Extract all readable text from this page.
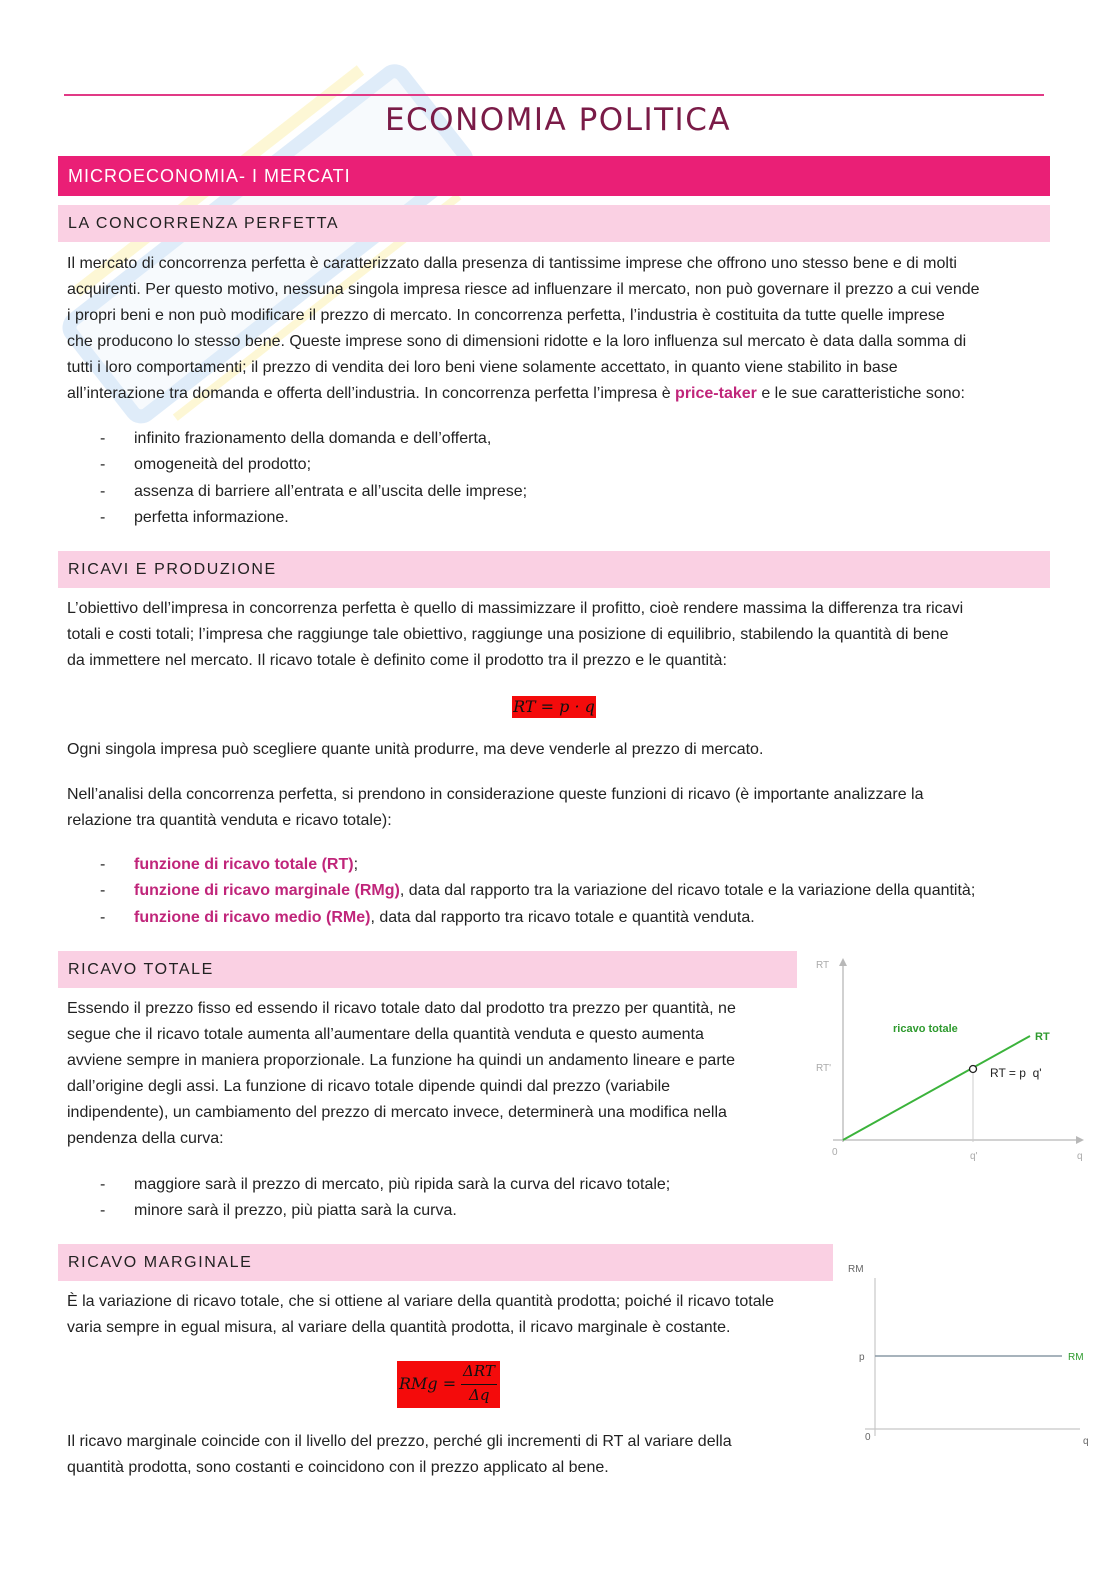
ECONOMIA POLITICA
MICROECONOMIA- I MERCATI
LA CONCORRENZA PERFETTA
Il mercato di concorrenza perfetta è caratterizzato dalla presenza di tantissime imprese che offrono uno stesso bene e di molti
acquirenti. Per questo motivo, nessuna singola impresa riesce ad influenzare il mercato, non può governare il prezzo a cui vende
i propri beni e non può modificare il prezzo di mercato. In concorrenza perfetta, l’industria è costituita da tutte quelle imprese
che producono lo stesso bene. Queste imprese sono di dimensioni ridotte e la loro influenza sul mercato è data dalla somma di
tutti i loro comportamenti; il prezzo di vendita dei loro beni viene solamente accettato, in quanto viene stabilito in base
all’interazione tra domanda e offerta dell’industria. In concorrenza perfetta l’impresa è price-taker e le sue caratteristiche sono:
- infinito frazionamento della domanda e dell’offerta,
- omogeneità del prodotto;
- assenza di barriere all’entrata e all’uscita delle imprese;
- perfetta informazione.
RICAVI E PRODUZIONE
L’obiettivo dell’impresa in concorrenza perfetta è quello di massimizzare il profitto, cioè rendere massima la differenza tra ricavi
totali e costi totali; l’impresa che raggiunge tale obiettivo, raggiunge una posizione di equilibrio, stabilendo la quantità di bene
da immettere nel mercato. Il ricavo totale è definito come il prodotto tra il prezzo e le quantità:
RT = p · q
Ogni singola impresa può scegliere quante unità produrre, ma deve venderle al prezzo di mercato.
Nell’analisi della concorrenza perfetta, si prendono in considerazione queste funzioni di ricavo (è importante analizzare la
relazione tra quantità venduta e ricavo totale):
- funzione di ricavo totale (RT);
- funzione di ricavo marginale (RMg), data dal rapporto tra la variazione del ricavo totale e la variazione della quantità;
- funzione di ricavo medio (RMe), data dal rapporto tra ricavo totale e quantità venduta.
RICAVO TOTALE
Essendo il prezzo fisso ed essendo il ricavo totale dato dal prodotto tra prezzo per quantità, ne
segue che il ricavo totale aumenta all’aumentare della quantità venduta e questo aumenta
avviene sempre in maniera proporzionale. La funzione ha quindi un andamento lineare e parte
dall’origine degli assi. La funzione di ricavo totale dipende quindi dal prezzo (variabile
indipendente), un cambiamento del prezzo di mercato invece, determinerà una modifica nella
pendenza della curva:
- maggiore sarà il prezzo di mercato, più ripida sarà la curva del ricavo totale;
- minore sarà il prezzo, più piatta sarà la curva.
RT
RT'
0	q'	q
ricavo totale
RT
RT = p  q'
RICAVO MARGINALE
È la variazione di ricavo totale, che si ottiene al variare della quantità prodotta; poiché il ricavo totale
varia sempre in egual misura, al variare della quantità prodotta, il ricavo marginale è costante.
RMg =
ΔRT
Δq
Il ricavo marginale coincide con il livello del prezzo, perché gli incrementi di RT al variare della
quantità prodotta, sono costanti e coincidono con il prezzo applicato al bene.
RM
p
0	q
RM
